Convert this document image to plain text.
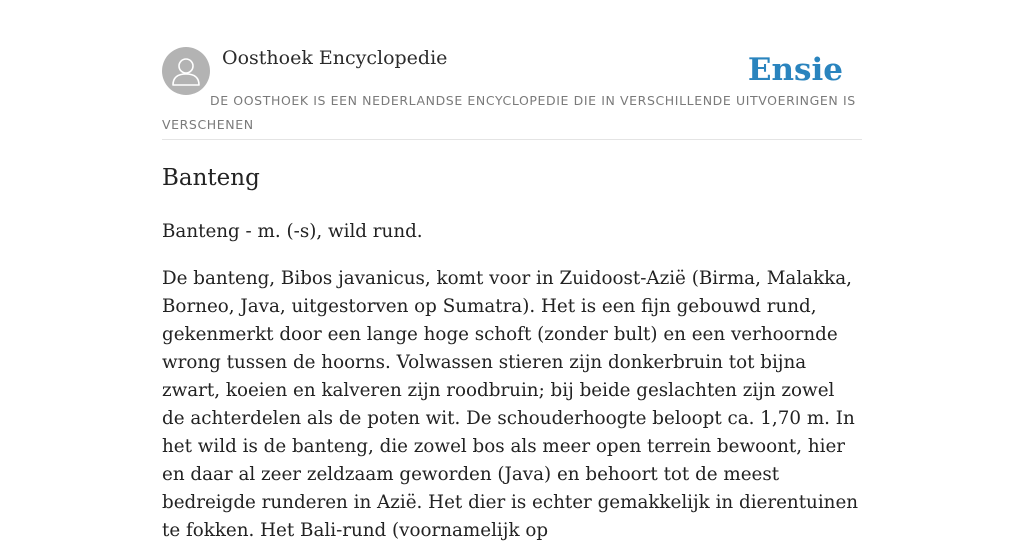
Oosthoek Encyclopedie	Ensie
DE OOSTHOEK IS EEN NEDERLANDSE ENCYCLOPEDIE DIE IN VERSCHILLENDE UITVOERINGEN IS VERSCHENEN
Banteng

Banteng - m. (-s), wild rund.

De banteng, Bibos javanicus, komt voor in Zuidoost-Azië (Birma, Malakka, Borneo, Java, uitgestorven op Sumatra). Het is een fijn gebouwd rund, gekenmerkt door een lange hoge schoft (zonder bult) en een verhoornde wrong tussen de hoorns. Volwassen stieren zijn donkerbruin tot bijna zwart, koeien en kalveren zijn roodbruin; bij beide geslachten zijn zowel de achterdelen als de poten wit. De schouderhoogte beloopt ca. 1,70 m. In het wild is de banteng, die zowel bos als meer open terrein bewoont, hier en daar al zeer zeldzaam geworden (Java) en behoort tot de meest bedreigde runderen in Azië. Het dier is echter gemakkelijk in dierentuinen te fokken. Het Bali-rund (voornamelijk op
